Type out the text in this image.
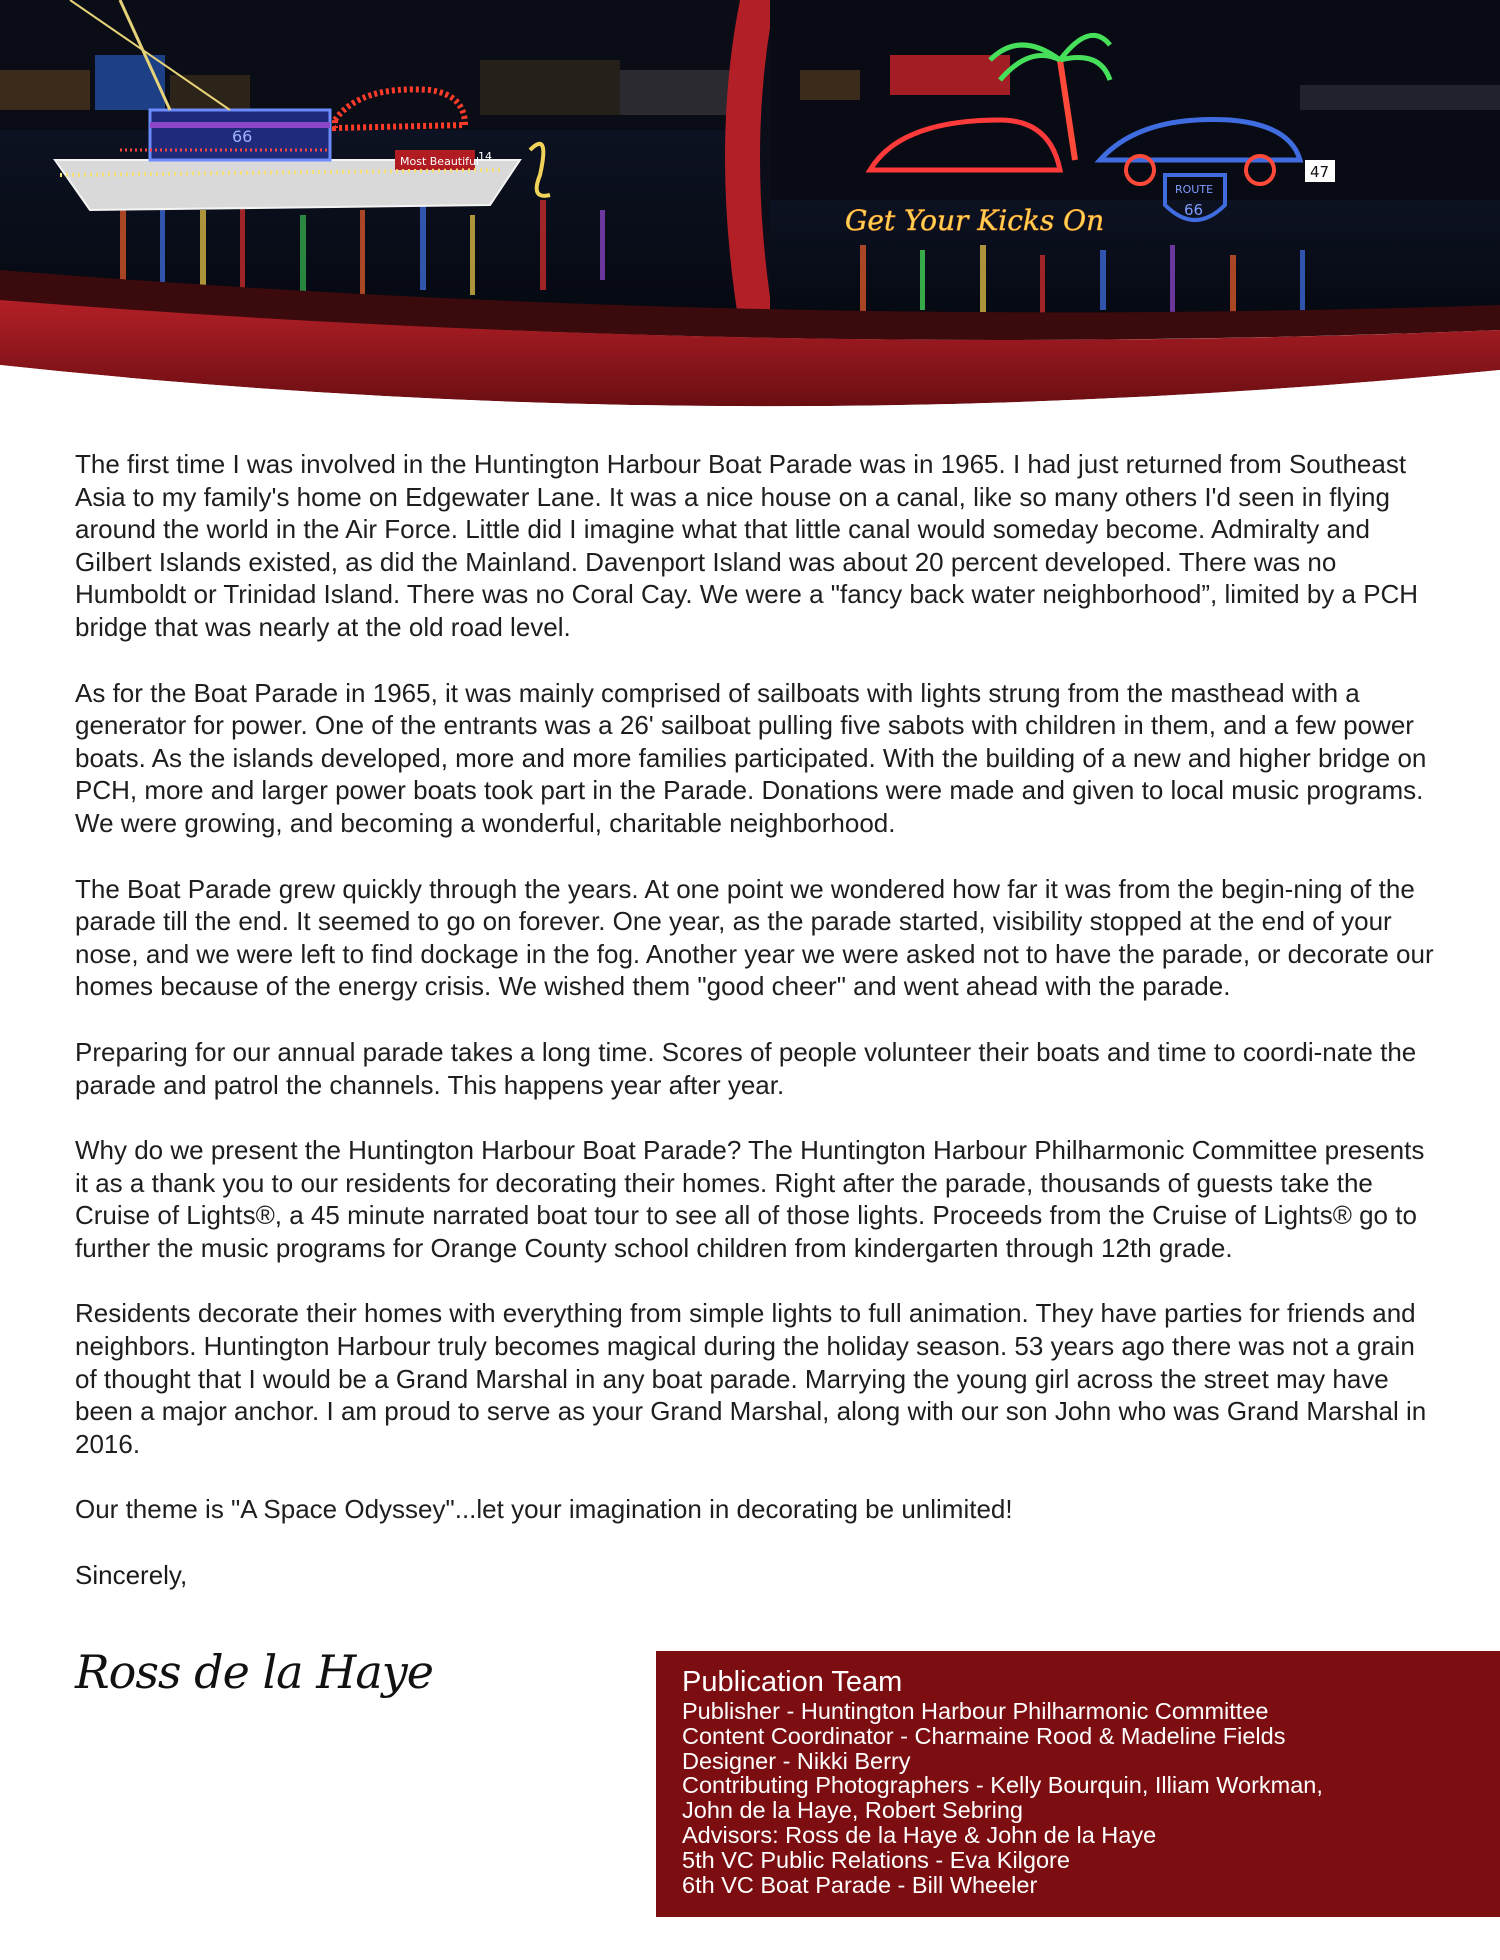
66
Most Beautiful
14
ROUTE
66
Get Your Kicks On
47

The first time I was involved in the Huntington Harbour Boat Parade was in 1965. I had just returned from Southeast Asia to my family's home on Edgewater Lane. It was a nice house on a canal, like so many others I'd seen in flying around the world in the Air Force. Little did I imagine what that little canal would someday become. Admiralty and Gilbert Islands existed, as did the Mainland. Davenport Island was about 20 percent developed. There was no Humboldt or Trinidad Island. There was no Coral Cay. We were a "fancy back water neighborhood”, limited by a PCH bridge that was nearly at the old road level.

As for the Boat Parade in 1965, it was mainly comprised of sailboats with lights strung from the masthead with a generator for power. One of the entrants was a 26' sailboat pulling five sabots with children in them, and a few power boats. As the islands developed, more and more families participated. With the building of a new and higher bridge on PCH, more and larger power boats took part in the Parade. Donations were made and given to local music programs. We were growing, and becoming a wonderful, charitable neighborhood.

The Boat Parade grew quickly through the years. At one point we wondered how far it was from the begin-ning of the parade till the end. It seemed to go on forever. One year, as the parade started, visibility stopped at the end of your nose, and we were left to find dockage in the fog. Another year we were asked not to have the parade, or decorate our homes because of the energy crisis. We wished them "good cheer" and went ahead with the parade.

Preparing for our annual parade takes a long time. Scores of people volunteer their boats and time to coordi-nate the parade and patrol the channels. This happens year after year.

Why do we present the Huntington Harbour Boat Parade? The Huntington Harbour Philharmonic Committee presents it as a thank you to our residents for decorating their homes. Right after the parade, thousands of guests take the Cruise of Lights®, a 45 minute narrated boat tour to see all of those lights. Proceeds from the Cruise of Lights® go to further the music programs for Orange County school children from kindergarten through 12th grade.

Residents decorate their homes with everything from simple lights to full animation. They have parties for friends and neighbors. Huntington Harbour truly becomes magical during the holiday season. 53 years ago there was not a grain of thought that I would be a Grand Marshal in any boat parade. Marrying the young girl across the street may have been a major anchor. I am proud to serve as your Grand Marshal, along with our son John who was Grand Marshal in 2016.

Our theme is "A Space Odyssey"...let your imagination in decorating be unlimited!

Sincerely,
Ross de la Haye	Publication Team
Publisher - Huntington Harbour Philharmonic Committee
Content Coordinator - Charmaine Rood & Madeline Fields
Designer - Nikki Berry
Contributing Photographers - Kelly Bourquin, Illiam Workman,
John de la Haye, Robert Sebring
Advisors: Ross de la Haye & John de la Haye
5th VC Public Relations - Eva Kilgore
6th VC Boat Parade - Bill Wheeler
